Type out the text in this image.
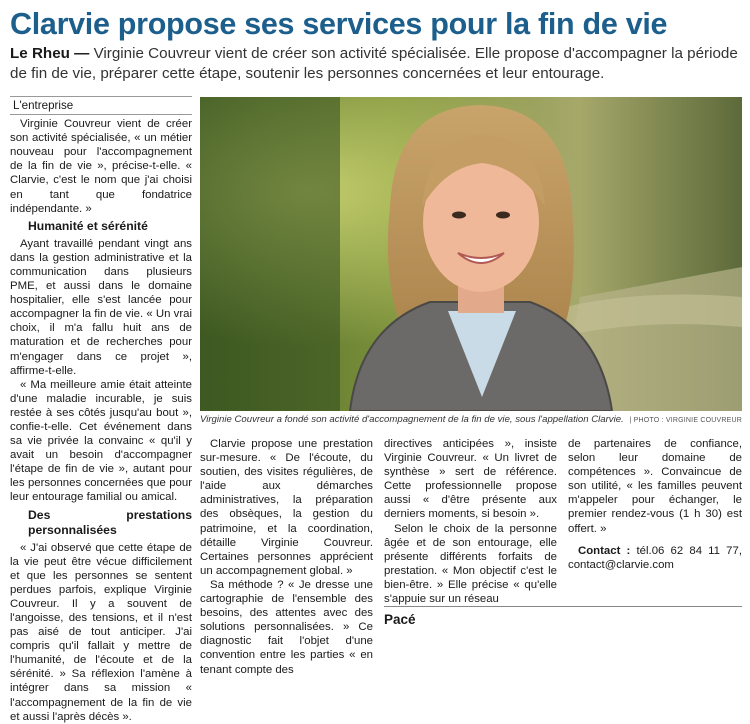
Clarvie propose ses services pour la fin de vie
Le Rheu — Virginie Couvreur vient de créer son activité spécialisée. Elle propose d'accompagner la période de fin de vie, préparer cette étape, soutenir les personnes concernées et leur entourage.
L'entreprise

Virginie Couvreur vient de créer son activité spécialisée, « un métier nouveau pour l'accompagnement de la fin de vie », précise-t-elle. « Clarvie, c'est le nom que j'ai choisi en tant que fondatrice indépendante. »

Humanité et sérénité

Ayant travaillé pendant vingt ans dans la gestion administrative et la communication dans plusieurs PME, et aussi dans le domaine hospitalier, elle s'est lancée pour accompagner la fin de vie. « Un vrai choix, il m'a fallu huit ans de maturation et de recherches pour m'engager dans ce projet », affirme-t-elle.

« Ma meilleure amie était atteinte d'une maladie incurable, je suis restée à ses côtés jusqu'au bout », confie-t-elle. Cet événement dans sa vie privée la convainc « qu'il y avait un besoin d'accompagner l'étape de fin de vie », autant pour les personnes concernées que pour leur entourage familial ou amical.

Des prestations personnalisées

« J'ai observé que cette étape de la vie peut être vécue difficilement et que les personnes se sentent perdues parfois, explique Virginie Couvreur. Il y a souvent de l'angoisse, des tensions, et il n'est pas aisé de tout anticiper. J'ai compris qu'il fallait y mettre de l'humanité, de l'écoute et de la sérénité. » Sa réflexion l'amène à intégrer dans sa mission « l'accompagnement de la fin de vie et aussi l'après décès ».

Virginie Couvreur a fondé son activité d'accompagnement de la fin de vie, sous l'appellation Clarvie. | PHOTO : VIRGINIE COUVREUR

Clarvie propose une prestation sur-mesure. « De l'écoute, du soutien, des visites régulières, de l'aide aux démarches administratives, la préparation des obsèques, la gestion du patrimoine, et la coordination, détaille Virginie Couvreur. Certaines personnes apprécient un accompagnement global. »

Sa méthode ? « Je dresse une cartographie de l'ensemble des besoins, des attentes avec des solutions personnalisées. » Ce diagnostic fait l'objet d'une convention entre les parties « en tenant compte des

directives anticipées », insiste Virginie Couvreur. « Un livret de synthèse » sert de référence. Cette professionnelle propose aussi « d'être présente aux derniers moments, si besoin ».

Selon le choix de la personne âgée et de son entourage, elle présente différents forfaits de prestation. « Mon objectif c'est le bien-être. » Elle précise « qu'elle s'appuie sur un réseau

de partenaires de confiance, selon leur domaine de compétences ». Convaincue de son utilité, « les familles peuvent m'appeler pour échanger, le premier rendez-vous (1 h 30) est offert. »

Contact : tél.06 62 84 11 77, contact@clarvie.com

Pacé
